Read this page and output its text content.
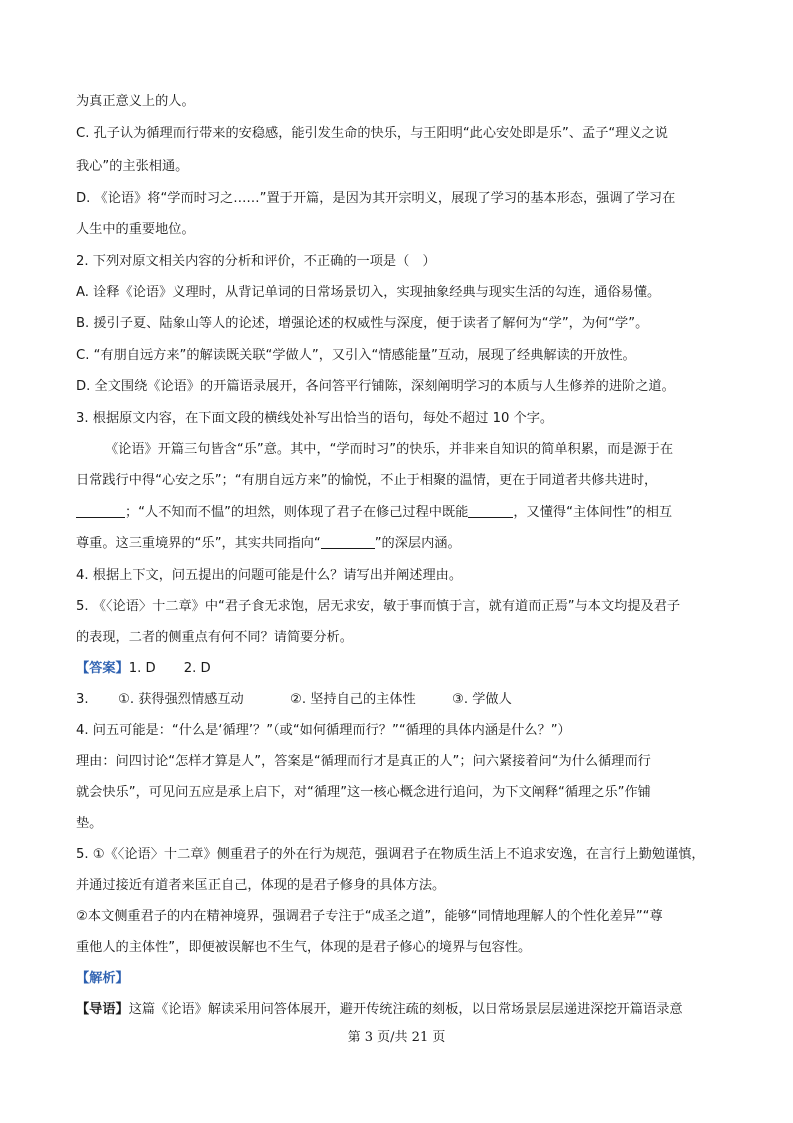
为真正意义上的人。
C. 孔子认为循理而行带来的安稳感，能引发生命的快乐，与王阳明“此心安处即是乐”、孟子“理义之说
我心”的主张相通。
D. 《论语》将“学而时习之……”置于开篇，是因为其开宗明义，展现了学习的基本形态，强调了学习在
人生中的重要地位。
2. 下列对原文相关内容的分析和评价，不正确的一项是（　）
A. 诠释《论语》义理时，从背记单词的日常场景切入，实现抽象经典与现实生活的勾连，通俗易懂。
B. 援引子夏、陆象山等人的论述，增强论述的权威性与深度，便于读者了解何为“学”，为何“学”。
C. “有朋自远方来”的解读既关联“学做人”，又引入“情感能量”互动，展现了经典解读的开放性。
D. 全文围绕《论语》的开篇语录展开，各问答平行铺陈，深刻阐明学习的本质与人生修养的进阶之道。
3. 根据原文内容，在下面文段的横线处补写出恰当的语句，每处不超过 10 个字。
《论语》开篇三句皆含“乐”意。其中，“学而时习”的快乐，并非来自知识的简单积累，而是源于在
日常践行中得“心安之乐”；“有朋自远方来”的愉悦，不止于相聚的温情，更在于同道者共修共进时，
；“人不知而不愠”的坦然，则体现了君子在修己过程中既能	，又懂得“主体间性”的相互
尊重。这三重境界的“乐”，其实共同指向“	”的深层内涵。
4. 根据上下文，问五提出的问题可能是什么？请写出并阐述理由。
5. 《〈论语〉十二章》中“君子食无求饱，居无求安，敏于事而慎于言，就有道而正焉”与本文均提及君子
的表现，二者的侧重点有何不同？请简要分析。
【答案】1. D 2. D
3. ①. 获得强烈情感互动	②. 坚持自己的主体性	③. 学做人
4. 问五可能是：“什么是‘循理’？”（或“如何循理而行？”“循理的具体内涵是什么？”）
理由：问四讨论“怎样才算是人”，答案是“循理而行才是真正的人”；问六紧接着问“为什么循理而行
就会快乐”，可见问五应是承上启下，对“循理”这一核心概念进行追问，为下文阐释“循理之乐”作铺
垫。
5. ①《〈论语〉十二章》侧重君子的外在行为规范，强调君子在物质生活上不追求安逸，在言行上勤勉谨慎，
并通过接近有道者来匡正自己，体现的是君子修身的具体方法。
②本文侧重君子的内在精神境界，强调君子专注于“成圣之道”，能够“同情地理解人的个性化差异”“尊
重他人的主体性”，即便被误解也不生气，体现的是君子修心的境界与包容性。
【解析】
【导语】这篇《论语》解读采用问答体展开，避开传统注疏的刻板，以日常场景层层递进深挖开篇语录意
第 3 页/共 21 页
